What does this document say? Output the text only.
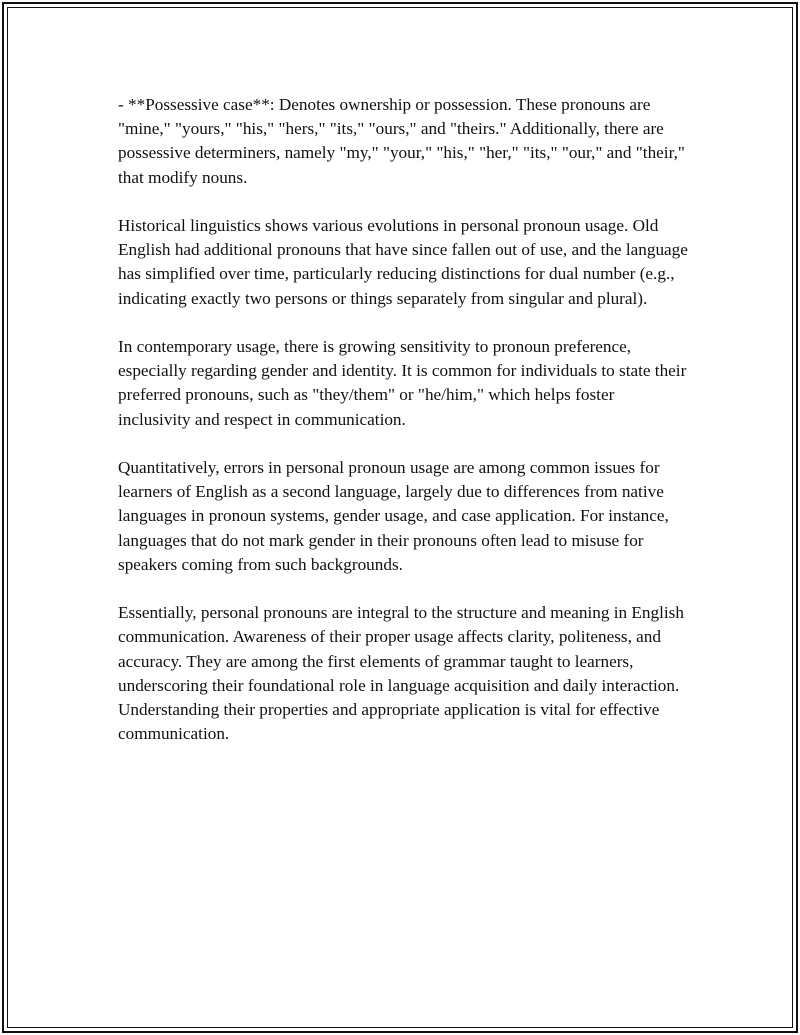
- **Possessive case**: Denotes ownership or possession. These pronouns are "mine," "yours," "his," "hers," "its," "ours," and "theirs." Additionally, there are possessive determiners, namely "my," "your," "his," "her," "its," "our," and "their," that modify nouns.

Historical linguistics shows various evolutions in personal pronoun usage. Old English had additional pronouns that have since fallen out of use, and the language has simplified over time, particularly reducing distinctions for dual number (e.g., indicating exactly two persons or things separately from singular and plural).

In contemporary usage, there is growing sensitivity to pronoun preference, especially regarding gender and identity. It is common for individuals to state their preferred pronouns, such as "they/them" or "he/him," which helps foster inclusivity and respect in communication.

Quantitatively, errors in personal pronoun usage are among common issues for learners of English as a second language, largely due to differences from native languages in pronoun systems, gender usage, and case application. For instance, languages that do not mark gender in their pronouns often lead to misuse for speakers coming from such backgrounds.

Essentially, personal pronouns are integral to the structure and meaning in English communication. Awareness of their proper usage affects clarity, politeness, and accuracy. They are among the first elements of grammar taught to learners, underscoring their foundational role in language acquisition and daily interaction. Understanding their properties and appropriate application is vital for effective communication.
